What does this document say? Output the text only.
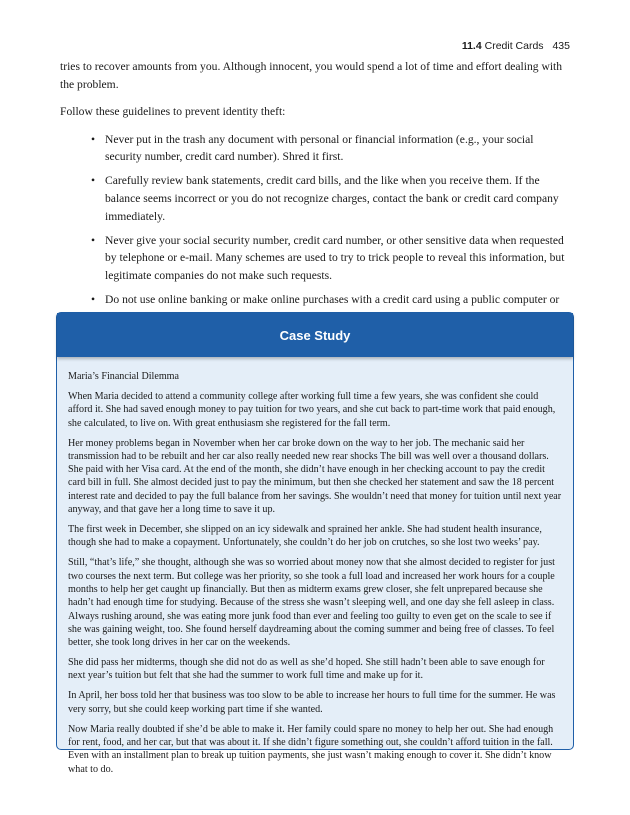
11.4 Credit Cards 435

tries to recover amounts from you. Although innocent, you would spend a lot of time and effort dealing with the problem.

Follow these guidelines to prevent identity theft:

• Never put in the trash any document with personal or financial information (e.g., your social security number, credit card number). Shred it first.
• Carefully review bank statements, credit card bills, and the like when you receive them. If the balance seems incorrect or you do not recognize charges, contact the bank or credit card company immediately.
• Never give your social security number, credit card number, or other sensitive data when requested by telephone or e-mail. Many schemes are used to try to trick people to reveal this information, but legitimate companies do not make such requests.
• Do not use online banking or make online purchases with a credit card using a public computer or
Case Study

Maria’s Financial Dilemma

When Maria decided to attend a community college after working full time a few years, she was confident she could afford it. She had saved enough money to pay tuition for two years, and she cut back to part-time work that paid enough, she calculated, to live on. With great enthusiasm she registered for the fall term.

Her money problems began in November when her car broke down on the way to her job. The mechanic said her transmission had to be rebuilt and her car also really needed new rear shocks The bill was well over a thousand dollars. She paid with her Visa card. At the end of the month, she didn’t have enough in her checking account to pay the credit card bill in full. She almost decided just to pay the minimum, but then she checked her statement and saw the 18 percent interest rate and decided to pay the full balance from her savings. She wouldn’t need that money for tuition until next year anyway, and that gave her a long time to save it up.

The first week in December, she slipped on an icy sidewalk and sprained her ankle. She had student health insurance, though she had to make a copayment. Unfortunately, she couldn’t do her job on crutches, so she lost two weeks’ pay.

Still, “that’s life,” she thought, although she was so worried about money now that she almost decided to register for just two courses the next term. But college was her priority, so she took a full load and increased her work hours for a couple months to help her get caught up financially. But then as midterm exams grew closer, she felt unprepared because she hadn’t had enough time for studying. Because of the stress she wasn’t sleeping well, and one day she fell asleep in class. Always rushing around, she was eating more junk food than ever and feeling too guilty to even get on the scale to see if she was gaining weight, too. She found herself daydreaming about the coming summer and being free of classes. To feel better, she took long drives in her car on the weekends.

She did pass her midterms, though she did not do as well as she’d hoped. She still hadn’t been able to save enough for next year’s tuition but felt that she had the summer to work full time and make up for it.

In April, her boss told her that business was too slow to be able to increase her hours to full time for the summer. He was very sorry, but she could keep working part time if she wanted.

Now Maria really doubted if she’d be able to make it. Her family could spare no money to help her out. She had enough for rent, food, and her car, but that was about it. If she didn’t figure something out, she couldn’t afford tuition in the fall. Even with an installment plan to break up tuition payments, she just wasn’t making enough to cover it. She didn’t know what to do.
